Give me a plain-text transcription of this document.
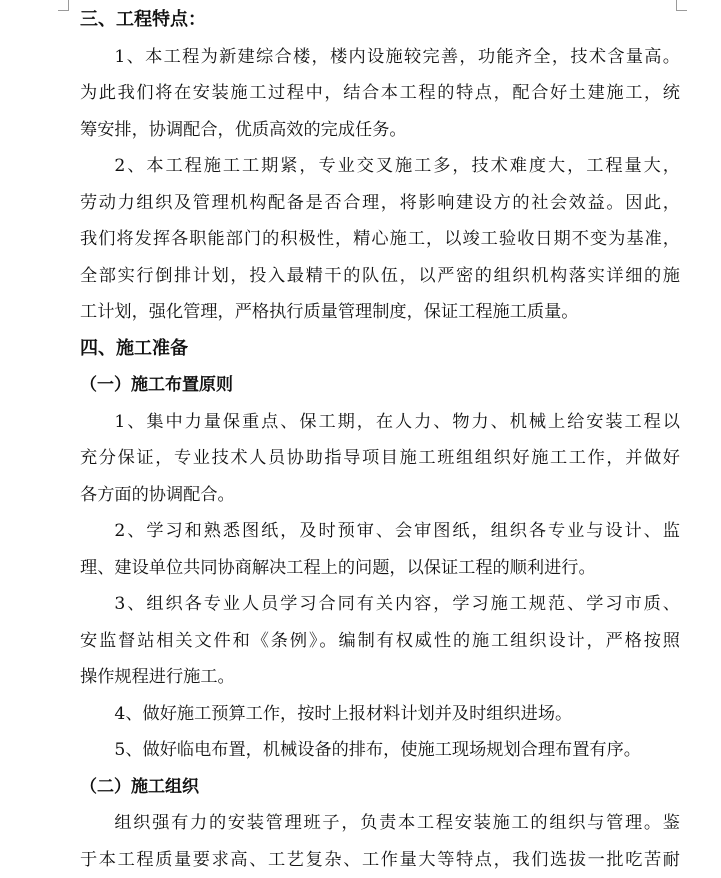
三、工程特点：

1、本工程为新建综合楼，楼内设施较完善，功能齐全，技术含量高。
为此我们将在安装施工过程中，结合本工程的特点，配合好土建施工，统
筹安排，协调配合，优质高效的完成任务。

2、本工程施工工期紧，专业交叉施工多，技术难度大，工程量大，
劳动力组织及管理机构配备是否合理，将影响建设方的社会效益。因此，
我们将发挥各职能部门的积极性，精心施工，以竣工验收日期不变为基准，
全部实行倒排计划，投入最精干的队伍，以严密的组织机构落实详细的施
工计划，强化管理，严格执行质量管理制度，保证工程施工质量。

四、施工准备
（一）施工布置原则

1、集中力量保重点、保工期，在人力、物力、机械上给安装工程以
充分保证，专业技术人员协助指导项目施工班组组织好施工工作，并做好
各方面的协调配合。

2、学习和熟悉图纸，及时预审、会审图纸，组织各专业与设计、监
理、建设单位共同协商解决工程上的问题，以保证工程的顺利进行。

3、组织各专业人员学习合同有关内容，学习施工规范、学习市质、
安监督站相关文件和《条例》。编制有权威性的施工组织设计，严格按照
操作规程进行施工。

4、做好施工预算工作，按时上报材料计划并及时组织进场。

5、做好临电布置，机械设备的排布，使施工现场规划合理布置有序。

（二）施工组织

组织强有力的安装管理班子，负责本工程安装施工的组织与管理。鉴
于本工程质量要求高、工艺复杂、工作量大等特点，我们选拔一批吃苦耐
